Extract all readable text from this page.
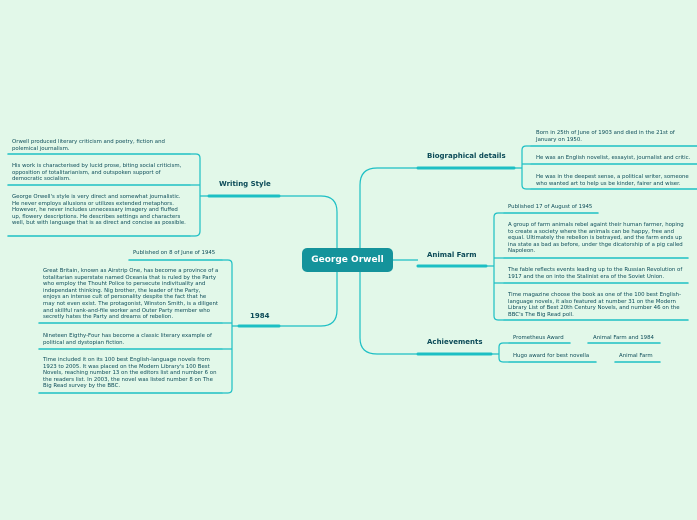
George Orwell
Writing Style
Orwell produced literary criticism and poetry, fiction and polemical journalism.
His work is characterised by lucid prose, biting social criticism, opposition of totalitarianism, and outspoken support of democratic socialism.
George Orwell's style is very direct and somewhat journalistic. He never employs allusions or utilizes extended metaphors. However, he never includes unnecessary imagery and fluffed up, flowery descriptions. He describes settings and characters well, but with language that is as direct and concise as possible.
1984
Published on 8 of June of 1945
Great Britain, known as Airstrip One, has become a province of a totalitarian superstate named Oceania that is ruled by the Party who employ the Thouht Police to persecute indivituality and independant thinking. Nig brother, the leader of the Party, enjoys an intense cult of personality despite the fact that he may not even exist. The protagonist, Winston Smith, is a diligent and skillful rank-and-file worker and Outer Party member who secretly hates the Party and dreams of rebelion.
Nineteen Eigthy-Four has become a classic literary example of political and dystopian fiction.
Time included it on its 100 best English-language novels from 1923 to 2005. It was placed on the Modern Library's 100 Best Novels, reaching number 13 on the editors list and number 6 on the readers list. In 2003, the novel was listed number 8 on The Big Read survey by the BBC.
Biographical details
Born in 25th of June of 1903 and died in the 21st of January on 1950.
He was an English novelist, essayist, journalist and critic.
He was in the deepest sense, a political writer, someone who wanted art to help us be kinder, fairer and wiser.
Animal Farm
Published 17 of August of 1945
A group of farm animals rebel againt their human farmer, hoping to create a society where the animals can be happy, free and equal. Ultimately the rebelion is betrayed, and the farm ends up ina state as bad as before, under thge dicatorship of a pig called Napoleon.
The fable reflects events leading up to the Russian Revolution of 1917 and the on into the Stalinist era of the Soviet Union.
Time magazine choose the book as one of the 100 best English-language novels, it also featured at number 31 on the Modern Library List of Best 20th Century Novels, and number 46 on the BBC's The Big Read poll.
Achievements	Prometheus Award	Animal Farm and 1984
Hugo award for best novella	Animal Farm
